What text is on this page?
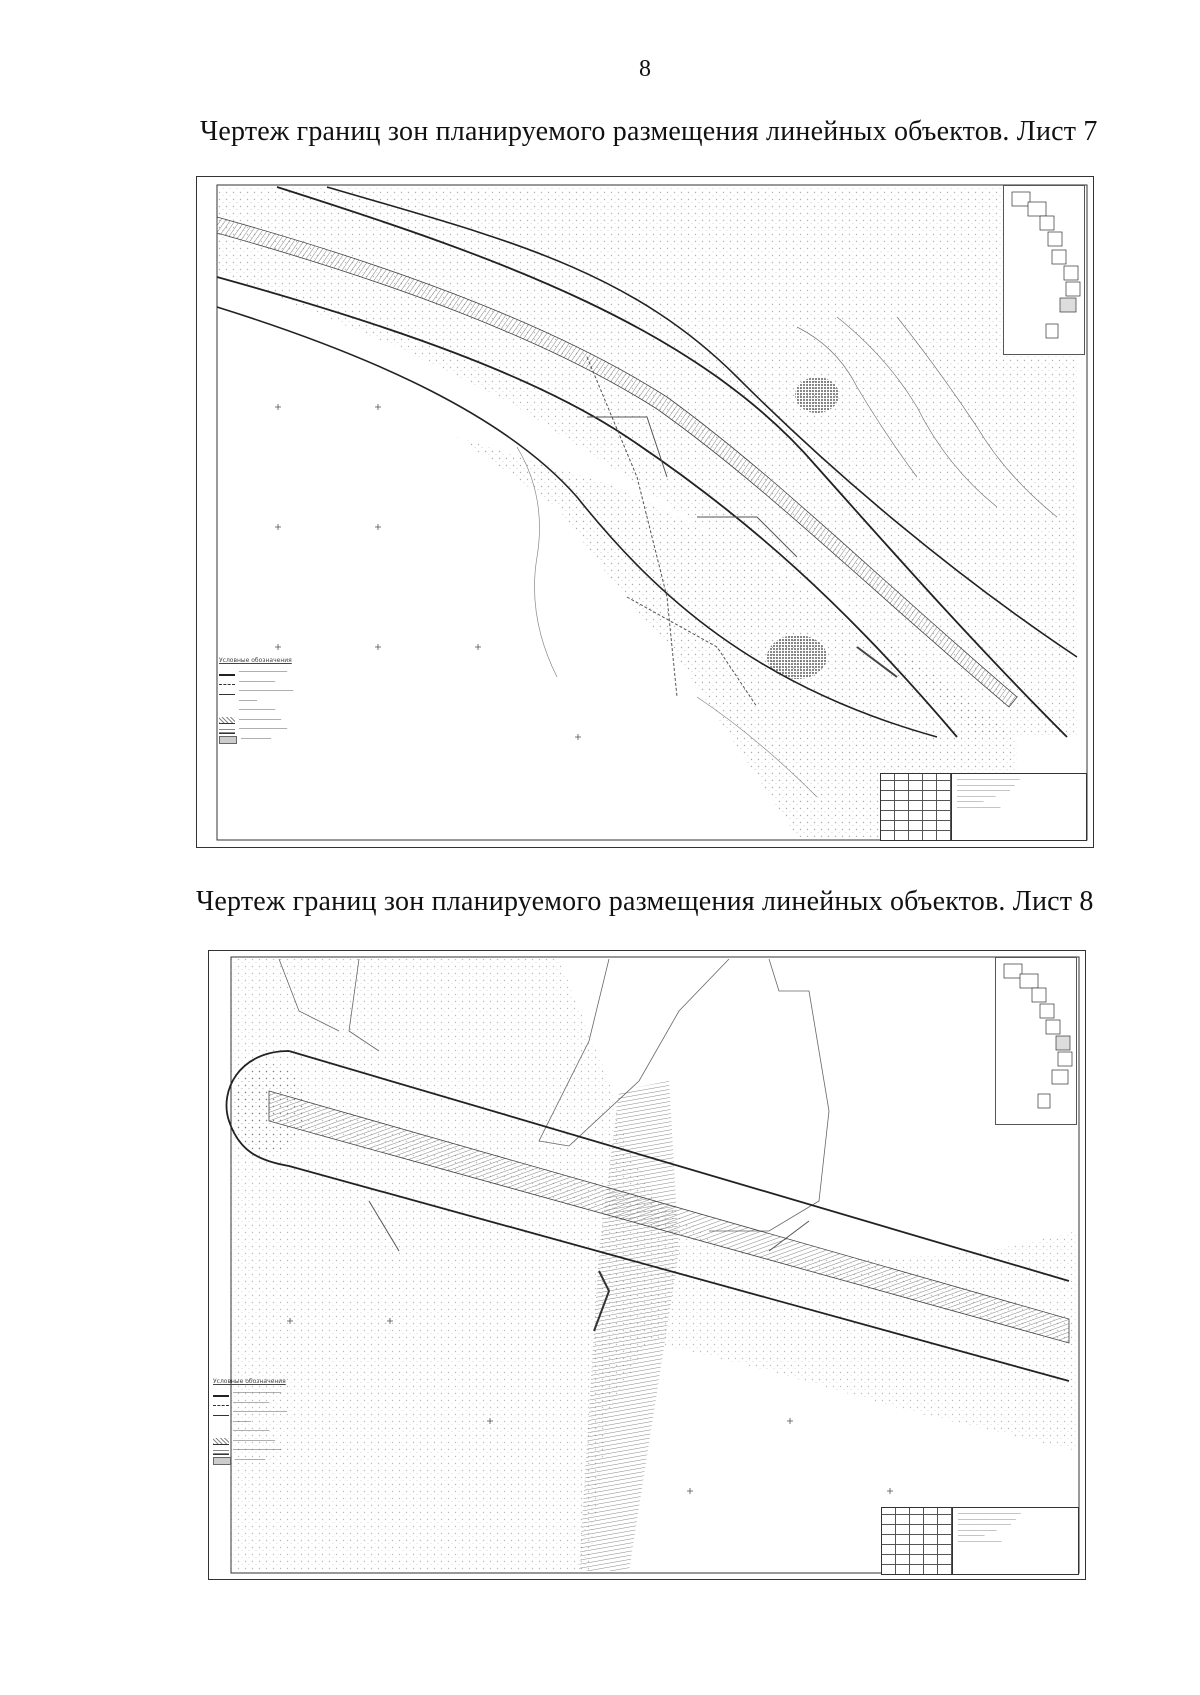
‾ ‾ ‾
8
Чертеж границ зон планируемого размещения линейных объектов. Лист 7
Условные обозначения
────────────────
────────────
──────────────────
──────
────────────
──────────────
────────────────
──────────
──────────────────────────
────────────────────────
──────────────────────
────────────────
───────────
──────────────────
Чертеж границ зон планируемого размещения линейных объектов. Лист 8
Условные обозначения
────────────────
────────────
──────────────────
──────
────────────
──────────────
────────────────
──────────
──────────────────────────
────────────────────────
──────────────────────
────────────────
───────────
──────────────────
